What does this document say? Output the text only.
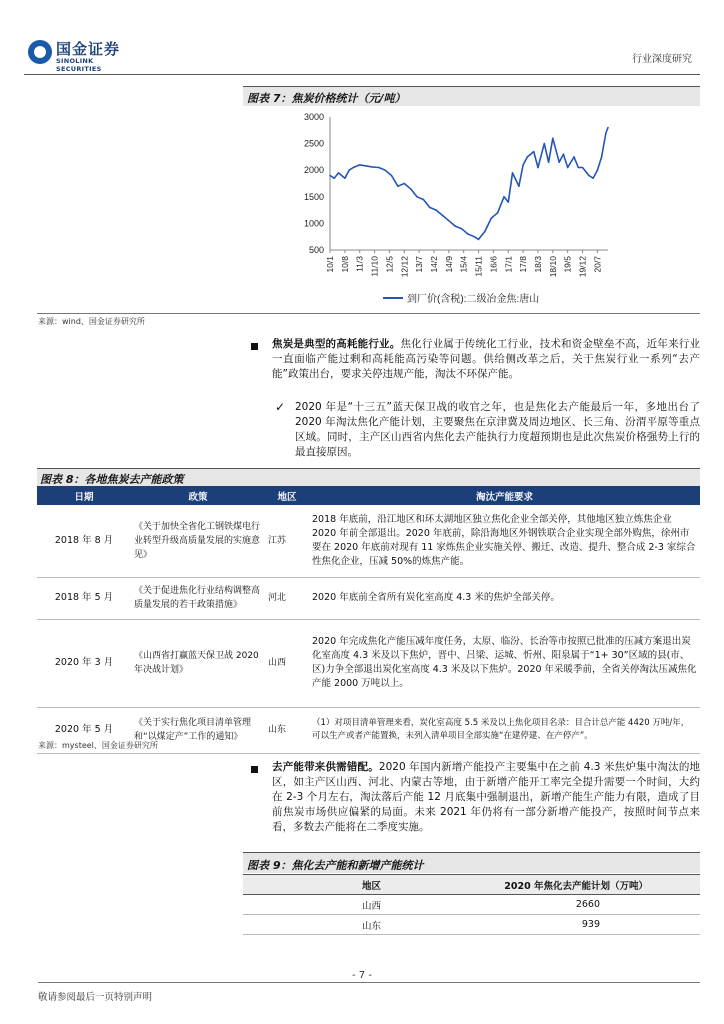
国金证券
SINOLINK SECURITIES
行业深度研究
图表 7：焦炭价格统计（元/吨）
3000
2500
2000
1500
1000
500
10/1 10/8 11/3 11/10 12/5 12/12 13/7 14/2 14/9 15/4 15/11 16/6 17/1 17/8 18/3 18/10 19/5 19/12 20/7
到厂价(含税):二级冶金焦:唐山
来源：wind、国金证券研究所
焦炭是典型的高耗能行业。焦化行业属于传统化工行业，技术和资金壁垒不高，近年来行业一直面临产能过剩和高耗能高污染等问题。供给侧改革之后，关于焦炭行业一系列“去产能”政策出台，要求关停违规产能，淘汰不环保产能。
✓ 2020 年是“十三五”蓝天保卫战的收官之年，也是焦化去产能最后一年，多地出台了 2020 年淘汰焦化产能计划，主要聚焦在京津冀及周边地区、长三角、汾渭平原等重点区域。同时，主产区山西省内焦化去产能执行力度超预期也是此次焦炭价格强势上行的最直接原因。
图表 8：各地焦炭去产能政策
日期	政策	地区	淘汰产能要求
2018 年 8 月	《关于加快全省化工钢铁煤电行业转型升级高质量发展的实施意见》	江苏	2018 年底前，沿江地区和环太湖地区独立焦化企业全部关停，其他地区独立炼焦企业 2020 年前全部退出。2020 年底前，除沿海地区外钢铁联合企业实现全部外购焦，徐州市要在 2020 年底前对现有 11 家炼焦企业实施关停、搬迁、改造、提升、整合成 2-3 家综合性焦化企业，压减 50%的炼焦产能。
2018 年 5 月	《关于促进焦化行业结构调整高质量发展的若干政策措施》	河北	2020 年底前全省所有炭化室高度 4.3 米的焦炉全部关停。
2020 年 3 月	《山西省打赢蓝天保卫战 2020 年决战计划》	山西	2020 年完成焦化产能压减年度任务，太原、临汾、长治等市按照已批准的压减方案退出炭化室高度 4.3 米及以下焦炉，晋中、吕梁、运城、忻州、阳泉属于“1+ 30”区域的县(市、区)力争全部退出炭化室高度 4.3 米及以下焦炉。2020 年采暖季前，全省关停淘汰压减焦化产能 2000 万吨以上。
2020 年 5 月	《关于实行焦化项目清单管理和“以煤定产”工作的通知》	山东	（1）对项目清单管理来看，炭化室高度 5.5 米及以上焦化项目名录：目合计总产能 4420 万吨/年，可以生产或者产能置换，未列入清单项目全部实施“在建停建、在产停产”。
来源：mysteel、国金证券研究所
去产能带来供需错配。2020 年国内新增产能投产主要集中在之前 4.3 米焦炉集中淘汰的地区，如主产区山西、河北、内蒙古等地，由于新增产能开工率完全提升需要一个时间，大约在 2-3 个月左右，淘汰落后产能 12 月底集中强制退出，新增产能生产能力有限，造成了目前焦炭市场供应偏紧的局面。未来 2021 年仍将有一部分新增产能投产，按照时间节点来看，多数去产能将在二季度实施。
图表 9：焦化去产能和新增产能统计
地区	2020 年焦化去产能计划（万吨）
山西	2660
山东	939
- 7 -
敬请参阅最后一页特别声明
